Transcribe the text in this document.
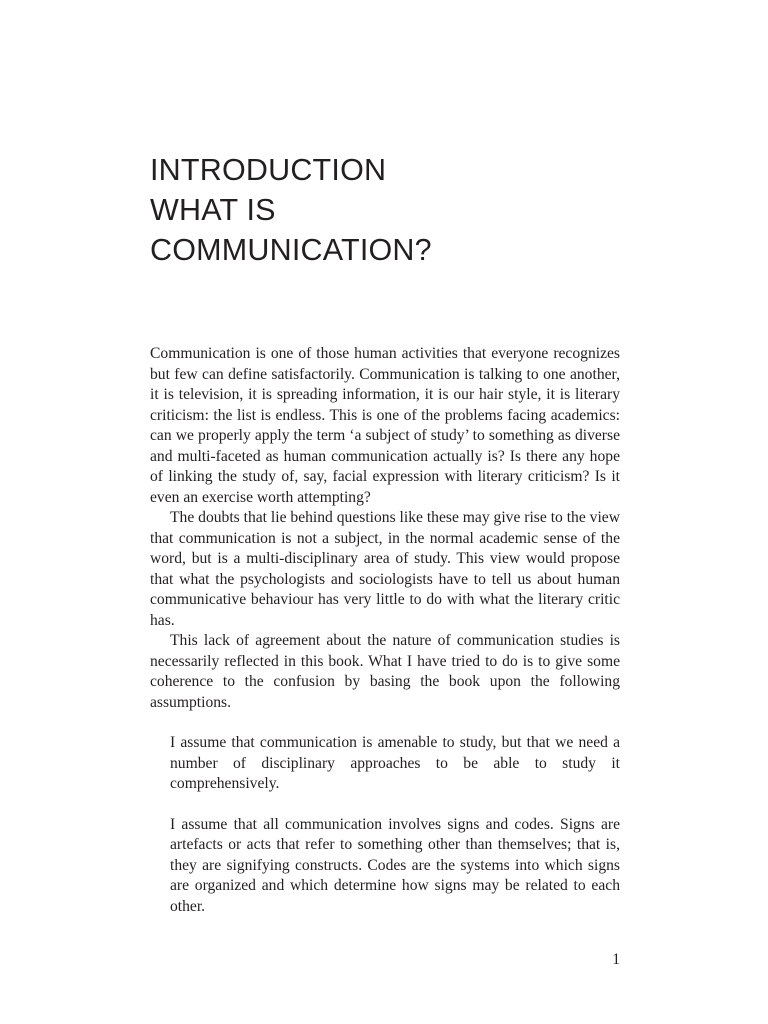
INTRODUCTION
WHAT IS
COMMUNICATION?

Communication is one of those human activities that everyone recognizes but few can define satisfactorily. Communication is talking to one another, it is television, it is spreading information, it is our hair style, it is literary criticism: the list is endless. This is one of the problems facing academics: can we properly apply the term ‘a subject of study’ to something as diverse and multi-faceted as human communication actually is? Is there any hope of linking the study of, say, facial expression with literary criticism? Is it even an exercise worth attempting?

The doubts that lie behind questions like these may give rise to the view that communication is not a subject, in the normal academic sense of the word, but is a multi-disciplinary area of study. This view would propose that what the psychologists and sociologists have to tell us about human communicative behaviour has very little to do with what the literary critic has.

This lack of agreement about the nature of communication studies is necessarily reflected in this book. What I have tried to do is to give some coherence to the confusion by basing the book upon the following assumptions.

I assume that communication is amenable to study, but that we need a number of disciplinary approaches to be able to study it comprehensively.

I assume that all communication involves signs and codes. Signs are artefacts or acts that refer to something other than themselves; that is, they are signifying constructs. Codes are the systems into which signs are organized and which determine how signs may be related to each other.

1
